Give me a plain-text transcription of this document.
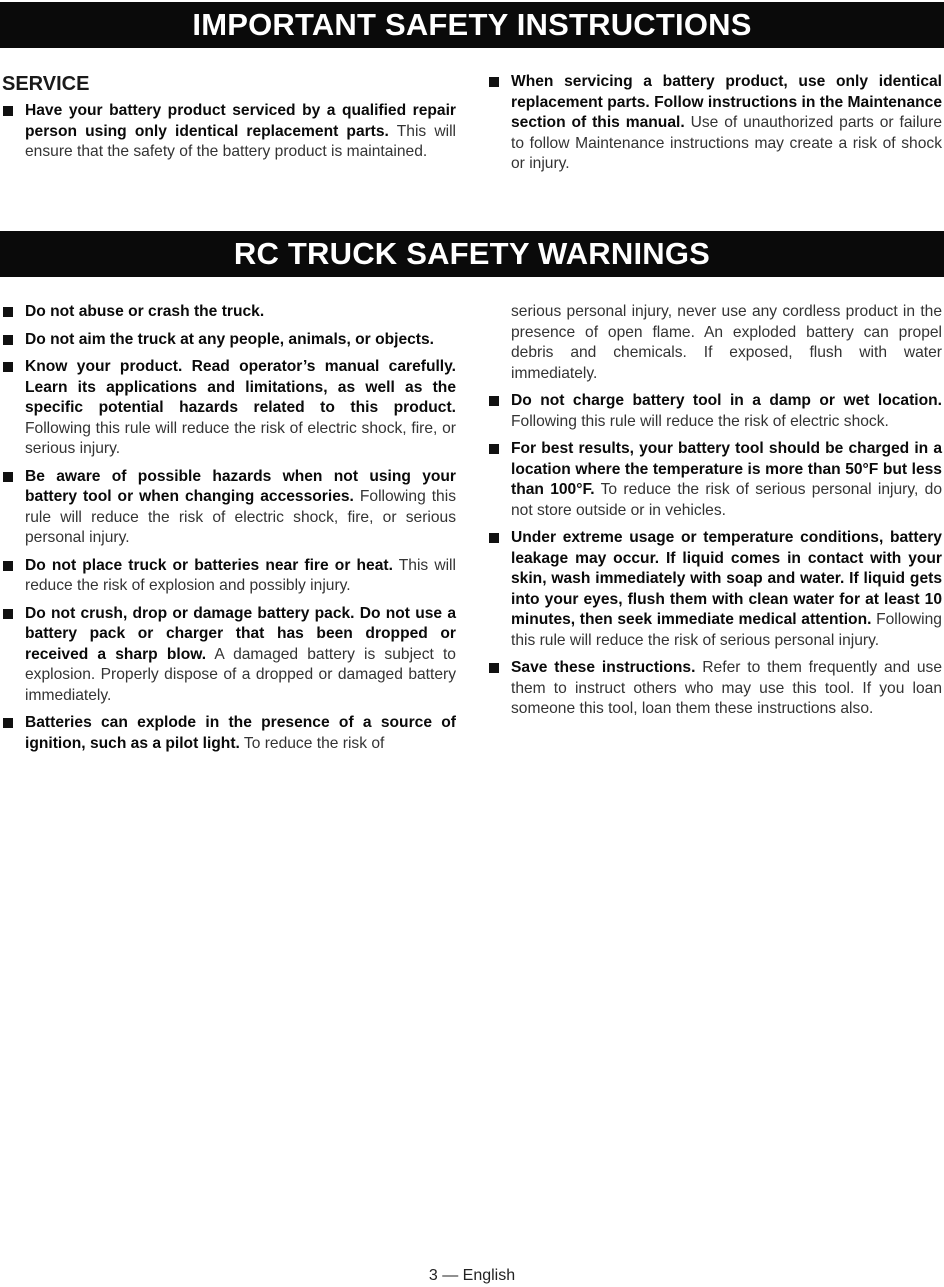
IMPORTANT SAFETY INSTRUCTIONS
SERVICE
Have your battery product serviced by a qualified repair person using only identical replacement parts. This will ensure that the safety of the battery product is maintained.
When servicing a battery product, use only identical replacement parts. Follow instructions in the Maintenance section of this manual. Use of unauthorized parts or failure to follow Maintenance instructions may create a risk of shock or injury.
RC TRUCK SAFETY WARNINGS
Do not abuse or crash the truck.
Do not aim the truck at any people, animals, or objects.
Know your product. Read operator’s manual carefully. Learn its applications and limitations, as well as the specific potential hazards related to this product. Following this rule will reduce the risk of electric shock, fire, or serious injury.
Be aware of possible hazards when not using your battery tool or when changing accessories. Following this rule will reduce the risk of electric shock, fire, or serious personal injury.
Do not place truck or batteries near fire or heat. This will reduce the risk of explosion and possibly injury.
Do not crush, drop or damage battery pack. Do not use a battery pack or charger that has been dropped or received a sharp blow. A damaged battery is subject to explosion. Properly dispose of a dropped or damaged battery immediately.
Batteries can explode in the presence of a source of ignition, such as a pilot light. To reduce the risk of
serious personal injury, never use any cordless product in the presence of open flame. An exploded battery can propel debris and chemicals. If exposed, flush with water immediately.
Do not charge battery tool in a damp or wet location. Following this rule will reduce the risk of electric shock.
For best results, your battery tool should be charged in a location where the temperature is more than 50°F but less than 100°F. To reduce the risk of serious personal injury, do not store outside or in vehicles.
Under extreme usage or temperature conditions, battery leakage may occur. If liquid comes in contact with your skin, wash immediately with soap and water. If liquid gets into your eyes, flush them with clean water for at least 10 minutes, then seek immediate medical attention. Following this rule will reduce the risk of serious personal injury.
Save these instructions. Refer to them frequently and use them to instruct others who may use this tool. If you loan someone this tool, loan them these instructions also.
3 — English
